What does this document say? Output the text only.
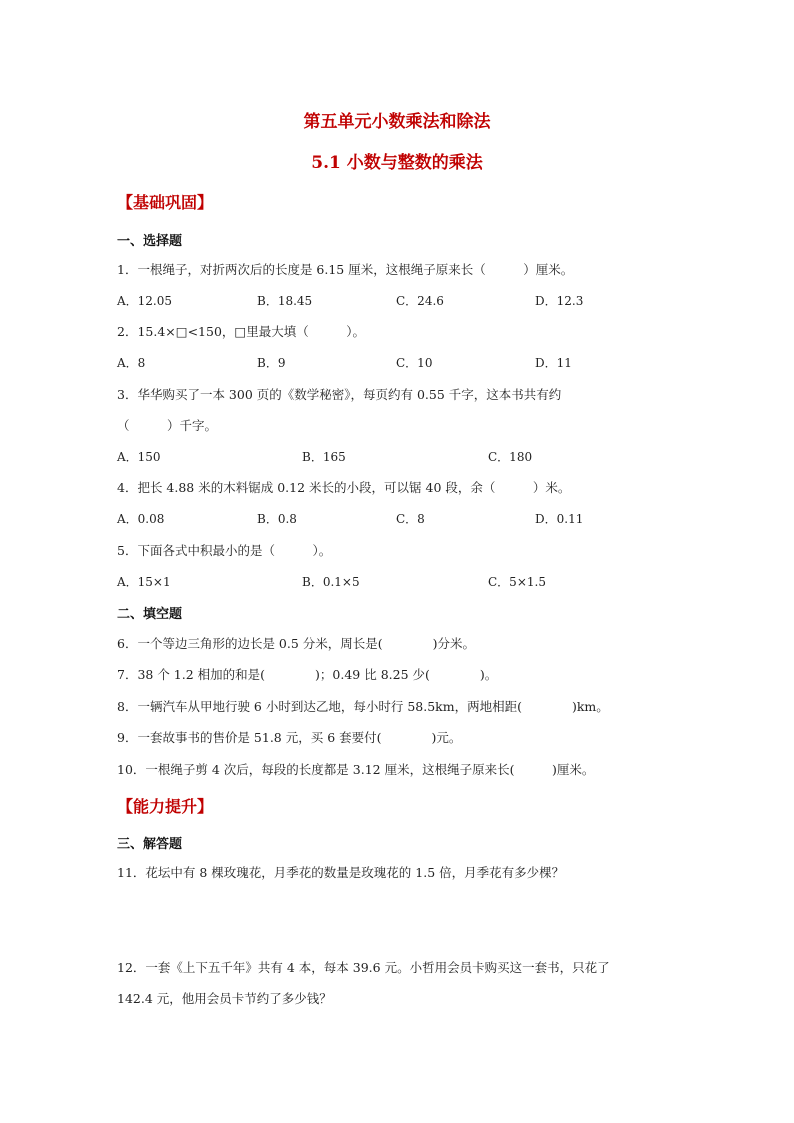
第五单元小数乘法和除法
5.1 小数与整数的乘法
【基础巩固】
一、选择题
1．一根绳子，对折两次后的长度是 6.15 厘米，这根绳子原来长（　　　）厘米。
A．12.05	B．18.45	C．24.6	D．12.3
2．15.4×□<150，□里最大填（　　　）。
A．8	B．9	C．10	D．11
3．华华购买了一本 300 页的《数学秘密》，每页约有 0.55 千字，这本书共有约
（　　　）千字。
A．150	B．165	C．180
4．把长 4.88 米的木料锯成 0.12 米长的小段，可以锯 40 段，余（　　　）米。
A．0.08	B．0.8	C．8	D．0.11
5．下面各式中积最小的是（　　　）。
A．15×1	B．0.1×5	C．5×1.5
二、填空题
6．一个等边三角形的边长是 0.5 分米，周长是(　　　　)分米。
7．38 个 1.2 相加的和是(　　　　)；0.49 比 8.25 少(　　　　)。
8．一辆汽车从甲地行驶 6 小时到达乙地，每小时行 58.5km，两地相距(　　　　)km。
9．一套故事书的售价是 51.8 元，买 6 套要付(　　　　)元。
10．一根绳子剪 4 次后，每段的长度都是 3.12 厘米，这根绳子原来长(　　　)厘米。
【能力提升】
三、解答题
11．花坛中有 8 棵玫瑰花，月季花的数量是玫瑰花的 1.5 倍，月季花有多少棵？
12．一套《上下五千年》共有 4 本，每本 39.6 元。小哲用会员卡购买这一套书，只花了
142.4 元，他用会员卡节约了多少钱？
